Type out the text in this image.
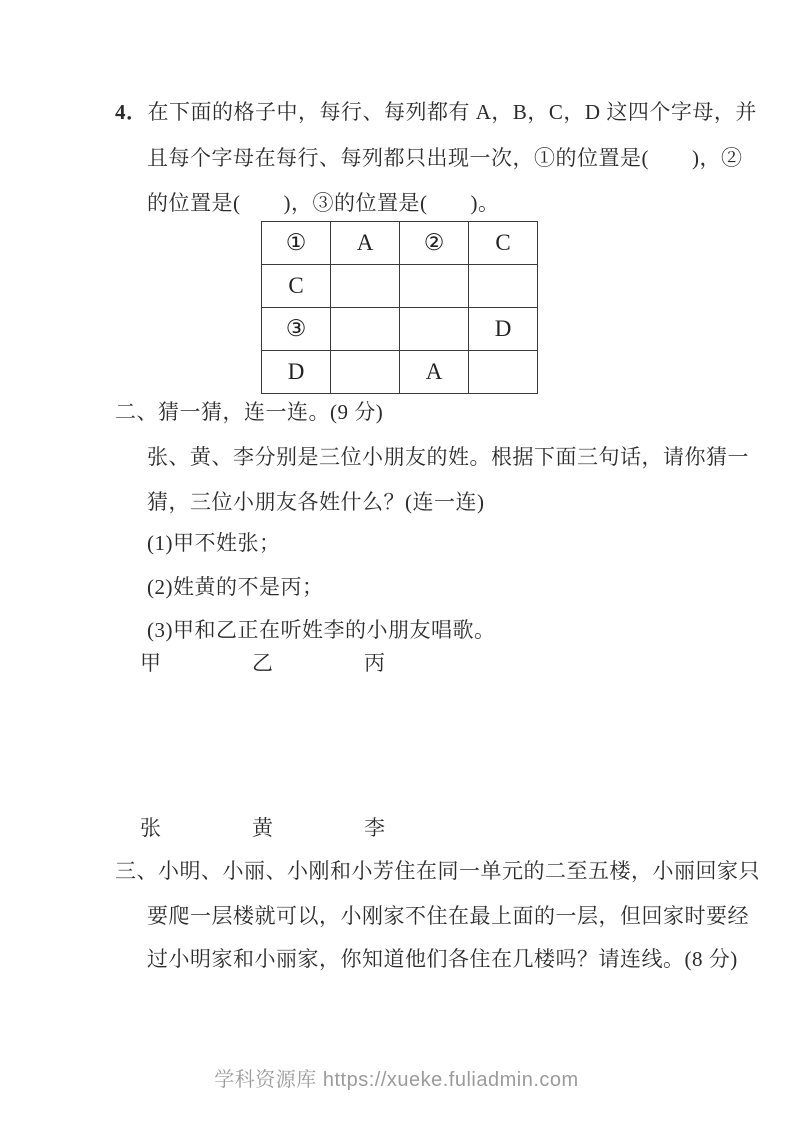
4．在下面的格子中，每行、每列都有 A，B，C，D 这四个字母，并
且每个字母在每行、每列都只出现一次，①的位置是(　　)，②
的位置是(　　)，③的位置是(　　)。
①	A	②	C
C			
③			D
D		A	
二、猜一猜，连一连。(9 分)
张、黄、李分别是三位小朋友的姓。根据下面三句话，请你猜一
猜，三位小朋友各姓什么？(连一连)
(1)甲不姓张；
(2)姓黄的不是丙；
(3)甲和乙正在听姓李的小朋友唱歌。
甲	乙	丙
张	黄	李
三、小明、小丽、小刚和小芳住在同一单元的二至五楼，小丽回家只
要爬一层楼就可以，小刚家不住在最上面的一层，但回家时要经
过小明家和小丽家，你知道他们各住在几楼吗？请连线。(8 分)
学科资源库 https://xueke.fuliadmin.com
